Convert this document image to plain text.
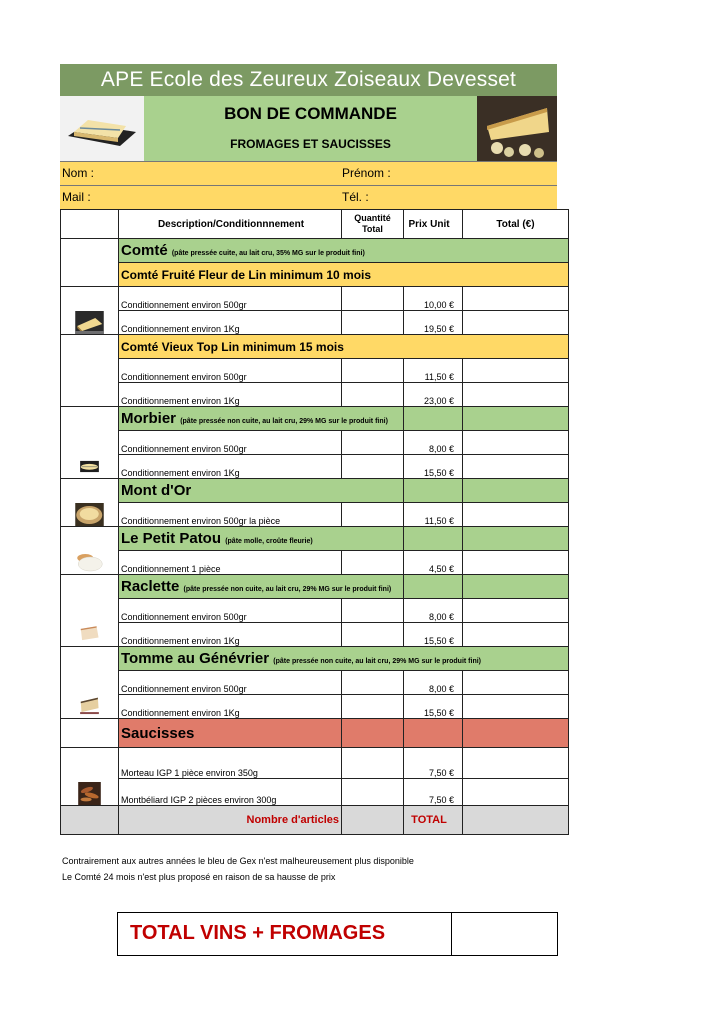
APE Ecole des Zeureux Zoiseaux Devesset
BON DE COMMANDE
FROMAGES ET SAUCISSES
Nom :	Prénom :
Mail :	Tél. :
	Description/Conditionnnement	Quantité
Total	Prix Unit	Total (€)
	Comté (pâte pressée cuite, au lait cru, 35% MG sur le produit fini)			
	Comté Fruité Fleur de Lin minimum 10 mois			

	Conditionnement environ 500gr		10,00 €	
	Conditionnement environ 1Kg		19,50 €	
	Comté Vieux Top Lin minimum 15 mois			
	Conditionnement environ 500gr		11,50 €	
	Conditionnement environ 1Kg		23,00 €	

	Morbier (pâte pressée non cuite, au lait cru, 29% MG sur le produit fini)			
	Conditionnement environ 500gr		8,00 €	
	Conditionnement environ 1Kg		15,50 €	

	Mont d'Or			
	Conditionnement environ 500gr la pièce		11,50 €	

	Le Petit Patou (pâte molle, croûte fleurie)			
	Conditionnement 1 pièce		4,50 €	

	Raclette (pâte pressée non cuite, au lait cru, 29% MG sur le produit fini)			
	Conditionnement environ 500gr		8,00 €	
	Conditionnement environ 1Kg		15,50 €	

	Tomme au Génévrier (pâte pressée non cuite, au lait cru, 29% MG sur le produit fini)			
	Conditionnement environ 500gr		8,00 €	
	Conditionnement environ 1Kg		15,50 €	
	Saucisses			

	Morteau IGP 1 pièce environ 350g		7,50 €	
	Montbéliard IGP 2 pièces environ 300g		7,50 €	
	Nombre d'articles		TOTAL	
Contrairement aux autres années le bleu de Gex n'est malheureusement plus disponible
Le Comté 24 mois n'est plus proposé en raison de sa hausse de prix
TOTAL VINS + FROMAGES
